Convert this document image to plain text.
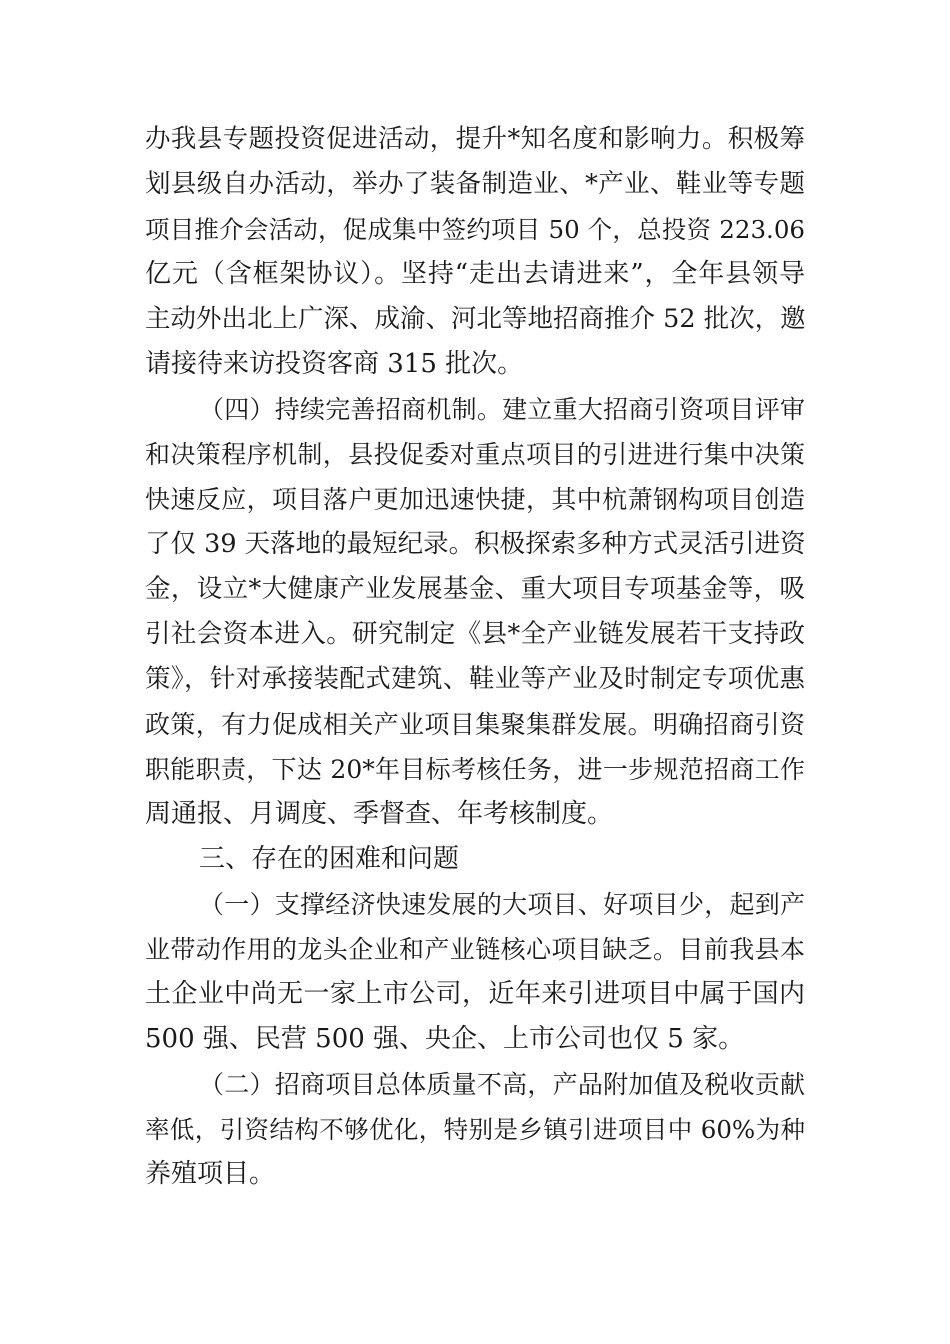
办我县专题投资促进活动，提升*知名度和影响力。积极筹
划县级自办活动，举办了装备制造业、*产业、鞋业等专题
项目推介会活动，促成集中签约项目 50 个，总投资 223.06
亿元（含框架协议）。坚持“走出去请进来”，全年县领导
主动外出北上广深、成渝、河北等地招商推介 52 批次，邀
请接待来访投资客商 315 批次。
（四）持续完善招商机制。建立重大招商引资项目评审
和决策程序机制，县投促委对重点项目的引进进行集中决策
快速反应，项目落户更加迅速快捷，其中杭萧钢构项目创造
了仅 39 天落地的最短纪录。积极探索多种方式灵活引进资
金，设立*大健康产业发展基金、重大项目专项基金等，吸
引社会资本进入。研究制定《县*全产业链发展若干支持政
策》，针对承接装配式建筑、鞋业等产业及时制定专项优惠
政策，有力促成相关产业项目集聚集群发展。明确招商引资
职能职责，下达 20*年目标考核任务，进一步规范招商工作
周通报、月调度、季督查、年考核制度。
三、存在的困难和问题
（一）支撑经济快速发展的大项目、好项目少，起到产
业带动作用的龙头企业和产业链核心项目缺乏。目前我县本
土企业中尚无一家上市公司，近年来引进项目中属于国内
500 强、民营 500 强、央企、上市公司也仅 5 家。
（二）招商项目总体质量不高，产品附加值及税收贡献
率低，引资结构不够优化，特别是乡镇引进项目中 60%为种
养殖项目。
